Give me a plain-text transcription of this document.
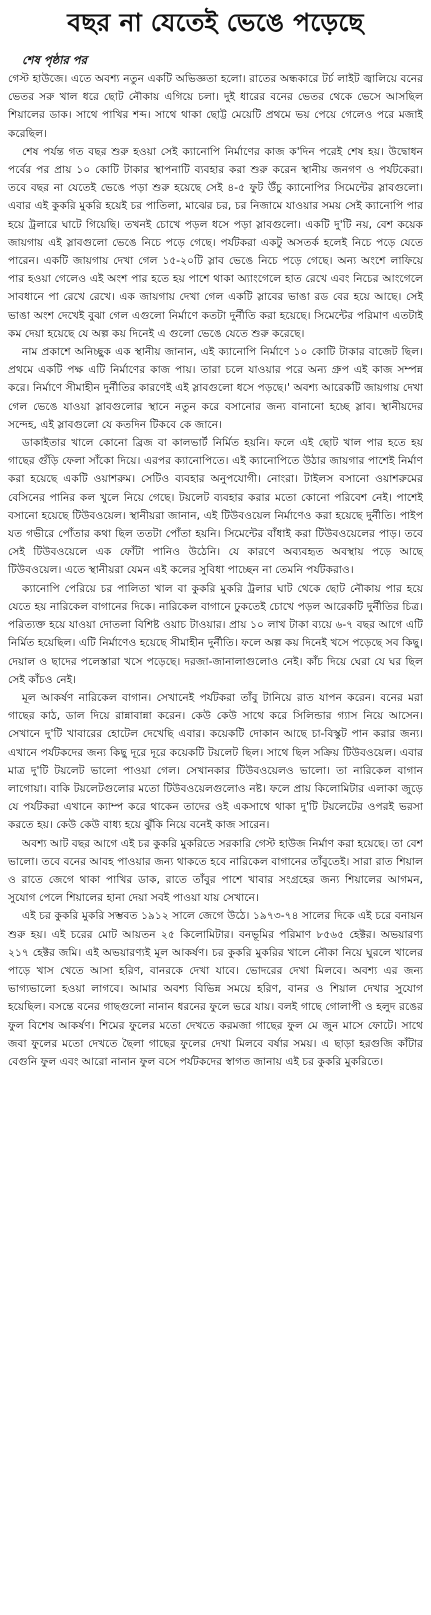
বছর না যেতেই ভেঙে পড়েছে
শেষ পৃষ্ঠার পর

গেস্ট হাউজে। এতে অবশ্য নতুন একটি অভিজ্ঞতা হলো। রাতের অন্ধকারে টর্চ লাইট জ্বালিয়ে বনের ভেতর সরু খাল ধরে ছোট নৌকায় এগিয়ে চলা। দুই ধারের বনের ভেতর থেকে ভেসে আসছিল শিয়ালের ডাক। সাথে পাখির শব্দ। সাথে থাকা ছোট্ট মেয়েটি প্রথমে ভয় পেয়ে গেলেও পরে মজাই করেছিল।

শেষ পর্যন্ত গত বছর শুরু হওয়া সেই ক্যানোপি নির্মাণের কাজ ক'দিন পরেই শেষ হয়। উদ্বোধন পর্বের পর প্রায় ১০ কোটি টাকার স্থাপনাটি ব্যবহার করা শুরু করেন স্থানীয় জনগণ ও পর্যটকেরা। তবে বছর না যেতেই ভেঙে পড়া শুরু হয়েছে সেই ৪-৫ ফুট উঁচু ক্যানোপির সিমেন্টের স্লাবগুলো। এবার এই কুকরি মুকরি হয়েই চর পাতিলা, মাঝের চর, চর নিজামে যাওয়ার সময় সেই ক্যানোপি পার হয়ে ট্রলারে ঘাটে গিয়েছি। তখনই চোখে পড়ল ধসে পড়া স্লাবগুলো। একটি দু'টি নয়, বেশ কয়েক জায়গায় এই স্লাবগুলো ভেঙে নিচে পড়ে গেছে। পর্যটকরা একটু অসতর্ক হলেই নিচে পড়ে যেতে পারেন। একটি জায়গায় দেখা গেল ১৫-২০টি স্লাব ভেঙে নিচে পড়ে গেছে। অন্য অংশে লাফিয়ে পার হওয়া গেলেও এই অংশ পার হতে হয় পাশে থাকা অ্যাংগেলে হাত রেখে এবং নিচের আংগেলে সাবধানে পা রেখে রেখে। এক জায়গায় দেখা গেল একটি স্লাবের ভাঙা রড বের হয়ে আছে। সেই ভাঙা অংশ দেখেই বুঝা গেল এগুলো নির্মাণে কতটা দুর্নীতি করা হয়েছে। সিমেন্টের পরিমাণ এতটাই কম দেয়া হয়েছে যে অল্প কয় দিনেই এ গুলো ভেঙে যেতে শুরু করেছে।

নাম প্রকাশে অনিচ্ছুক এক স্থানীয় জানান, এই ক্যানোপি নির্মাণে ১০ কোটি টাকার বাজেট ছিল। প্রথমে একটি পক্ষ এটি নির্মাণের কাজ পায়। তারা চলে যাওয়ার পরে অন্য গ্রুপ এই কাজ সম্পন্ন করে। নির্মাণে সীমাহীন দুর্নীতির কারণেই এই স্লাবগুলো ধসে পড়ছে।' অবশ্য আরেকটি জায়গায় দেখা গেল ভেঙে যাওয়া স্লাবগুলোর স্থানে নতুন করে বসানোর জন্য বানানো হচ্ছে স্লাব। স্থানীয়দের সন্দেহ, এই স্লাবগুলো যে কতদিন টিকবে কে জানে।

ডাকাইতার খালে কোনো ব্রিজ বা কালভার্ট নির্মিত হয়নি। ফলে এই ছোট খাল পার হতে হয় গাছের গুঁড়ি ফেলা সাঁকো দিয়ে। এরপর ক্যানোপিতে। এই ক্যানোপিতে উঠার জায়গার পাশেই নির্মাণ করা হয়েছে একটি ওয়াশরুম। সেটিও ব্যবহার অনুপযোগী। নোংরা। টাইলস বসানো ওয়াশরুমের বেসিনের পানির কল খুলে নিয়ে গেছে। টয়লেট ব্যবহার করার মতো কোনো পরিবেশ নেই। পাশেই বসানো হয়েছে টিউবওয়েল। স্থানীয়রা জানান, এই টিউবওয়েল নির্মাণেও করা হয়েছে দুর্নীতি। পাইপ যত গভীরে পোঁতার কথা ছিল ততটা পোঁতা হয়নি। সিমেন্টের বাঁধাই করা টিউবওয়েলের পাড়। তবে সেই টিউবওয়েলে এক ফোঁটা পানিও উঠেনি। যে কারণে অব্যবহৃত অবস্থায় পড়ে আছে টিউবওয়েল। এতে স্থানীয়রা যেমন এই কলের সুবিধা পাচ্ছেন না তেমনি পর্যটকরাও।

ক্যানোপি পেরিয়ে চর পালিতা খাল বা কুকরি মুকরি ট্রলার ঘাট থেকে ছোট নৌকায় পার হয়ে যেতে হয় নারিকেল বাগানের দিকে। নারিকেল বাগানে ঢুকতেই চোখে পড়ল আরেকটি দুর্নীতির চিত্র। পরিত্যক্ত হয়ে যাওয়া দোতলা বিশিষ্ট ওয়াচ টাওয়ার। প্রায় ১০ লাখ টাকা ব্যয়ে ৬-৭ বছর আগে এটি নির্মিত হয়েছিল। এটি নির্মাণেও হয়েছে সীমাহীন দুর্নীতি। ফলে অল্প কয় দিনেই খসে পড়েছে সব কিছু। দেয়াল ও ছাদের পলেস্তারা খসে পড়েছে। দরজা-জানালাগুলোও নেই। কাঁচ দিয়ে ঘেরা যে ঘর ছিল সেই কাঁচও নেই।

মূল আকর্ষণ নারিকেল বাগান। সেখানেই পর্যটকরা তাঁবু টানিয়ে রাত যাপন করেন। বনের মরা গাছের কাঠ, ডাল দিয়ে রান্নাবান্না করেন। কেউ কেউ সাথে করে সিলিন্ডার গ্যাস নিয়ে আসেন। সেখানে দু'টি খাবারের হোটেল দেখেছি এবার। কয়েকটি দোকান আছে চা-বিস্কুট পান করার জন্য। এখানে পর্যটকদের জন্য কিছু দূরে দূরে কয়েকটি টয়লেট ছিল। সাথে ছিল সক্রিয় টিউবওয়েল। এবার মাত্র দু'টি টয়লেট ভালো পাওয়া গেল। সেখানকার টিউবওয়েলও ভালো। তা নারিকেল বাগান লাগোয়া। বাকি টয়লেটগুলোর মতো টিউবওয়েলগুলোও নষ্ট। ফলে প্রায় কিলোমিটার এলাকা জুড়ে যে পর্যটকরা এখানে ক্যাম্প করে থাকেন তাদের ওই একসাথে থাকা দু'টি টয়লেটের ওপরই ভরসা করতে হয়। কেউ কেউ বাধ্য হয়ে ঝুঁকি নিয়ে বনেই কাজ সারেন।

অবশ্য আট বছর আগে এই চর কুকরি মুকরিতে সরকারি গেস্ট হাউজ নির্মাণ করা হয়েছে। তা বেশ ভালো। তবে বনের আবহ পাওয়ার জন্য থাকতে হবে নারিকেল বাগানের তাঁবুতেই। সারা রাত শিয়াল ও রাতে জেগে থাকা পাখির ডাক, রাতে তাঁবুর পাশে খাবার সংগ্রহের জন্য শিয়ালের আগমন, সুযোগ পেলে শিয়ালের হানা দেয়া সবই পাওয়া যায় সেখানে।

এই চর কুকরি মুকরি সম্ভবত ১৯১২ সালে জেগে উঠে। ১৯৭৩-৭৪ সালের দিকে এই চরে বনায়ন শুরু হয়। এই চরের মোট আয়তন ২৫ কিলোমিটার। বনভূমির পরিমাণ ৮৫৬৫ হেক্টর। অভয়ারণ্য ২১৭ হেক্টর জমি। এই অভয়ারণ্যই মূল আকর্ষণ। চর কুকরি মুকরির খালে নৌকা নিয়ে ঘুরলে খালের পাড়ে খাস খেতে আসা হরিণ, বানরকে দেখা যাবে। ভোদরের দেখা মিলবে। অবশ্য এর জন্য ভাগ্যভালো হওয়া লাগবে। আমার অবশ্য বিভিন্ন সময়ে হরিণ, বানর ও শিয়াল দেখার সুযোগ হয়েছিল। বসন্তে বনের গাছগুলো নানান ধরনের ফুলে ভরে যায়। বলই গাছে গোলাপী ও হলুদ রঙের ফুল বিশেষ আকর্ষণ। শিমের ফুলের মতো দেখতে করমজা গাছের ফুল মে জুন মাসে ফোটে। সাথে জবা ফুলের মতো দেখতে ছৈলা গাছের ফুলের দেখা মিলবে বর্ষার সময়। এ ছাড়া হরগুজি কাঁটার বেগুনি ফুল এবং আরো নানান ফুল বসে পর্যটকদের স্বাগত জানায় এই চর কুকরি মুকরিতে।
